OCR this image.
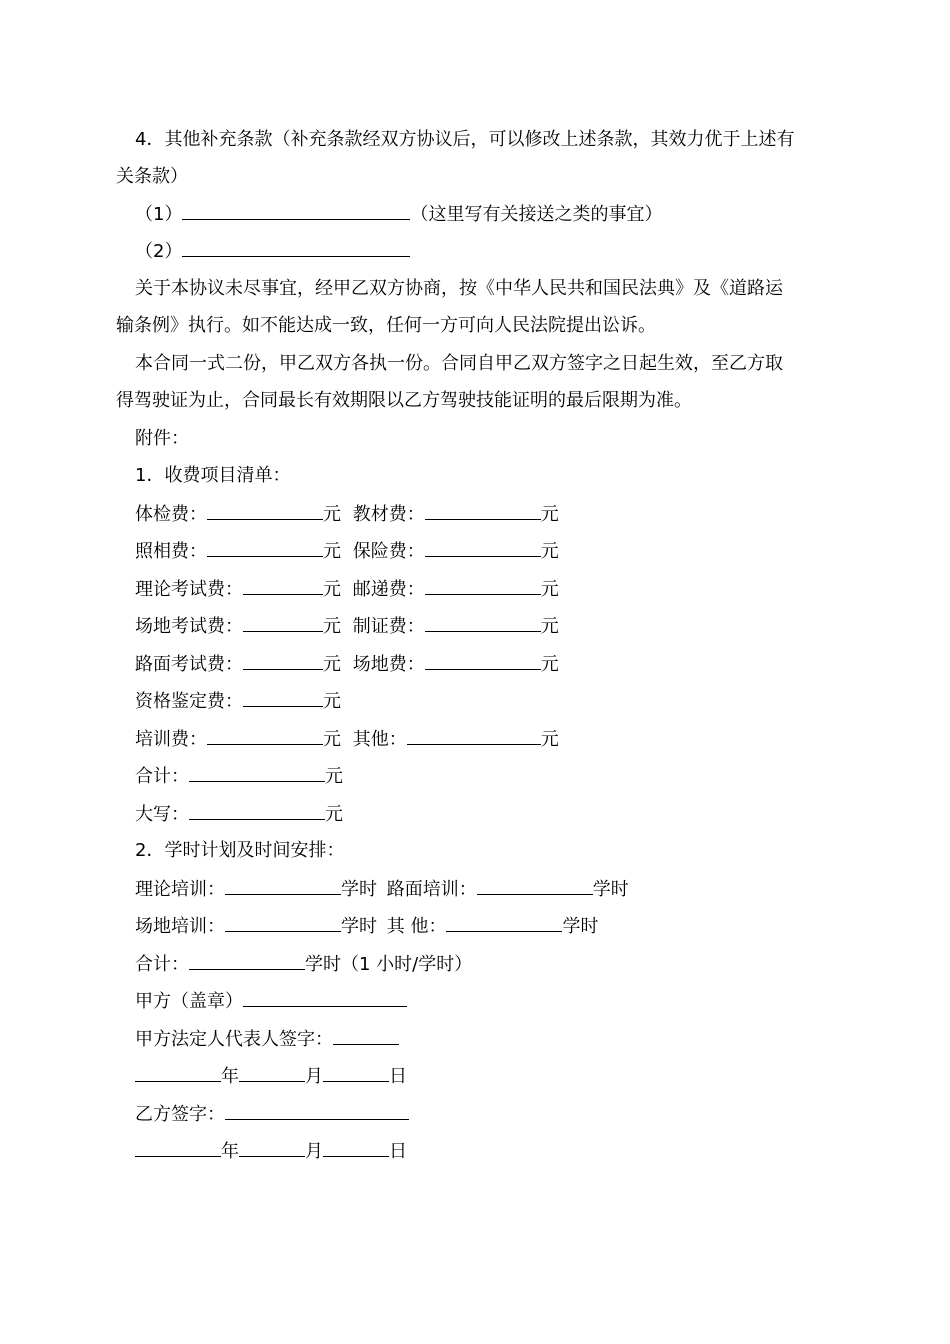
4．其他补充条款（补充条款经双方协议后，可以修改上述条款，其效力优于上述有
关条款）
（1）	（这里写有关接送之类的事宜）
（2）
关于本协议未尽事宜，经甲乙双方协商，按《中华人民共和国民法典》及《道路运
输条例》执行。如不能达成一致，任何一方可向人民法院提出讼诉。
本合同一式二份，甲乙双方各执一份。合同自甲乙双方签字之日起生效，至乙方取
得驾驶证为止，合同最长有效期限以乙方驾驶技能证明的最后限期为准。
附件：
1．收费项目清单：
体检费：	元 教材费：	元
照相费：	元 保险费：	元
理论考试费：	元 邮递费：	元
场地考试费：	元 制证费：	元
路面考试费：	元 场地费：	元
资格鉴定费：	元
培训费：	元 其他：	元
合计：	元
大写：	元
2．学时计划及时间安排：
理论培训：	学时 路面培训：	学时
场地培训：	学时 其 他：	学时
合计：	学时（1 小时/学时）
甲方（盖章）
甲方法定人代表人签字：
年	月	日
乙方签字：
年	月	日
